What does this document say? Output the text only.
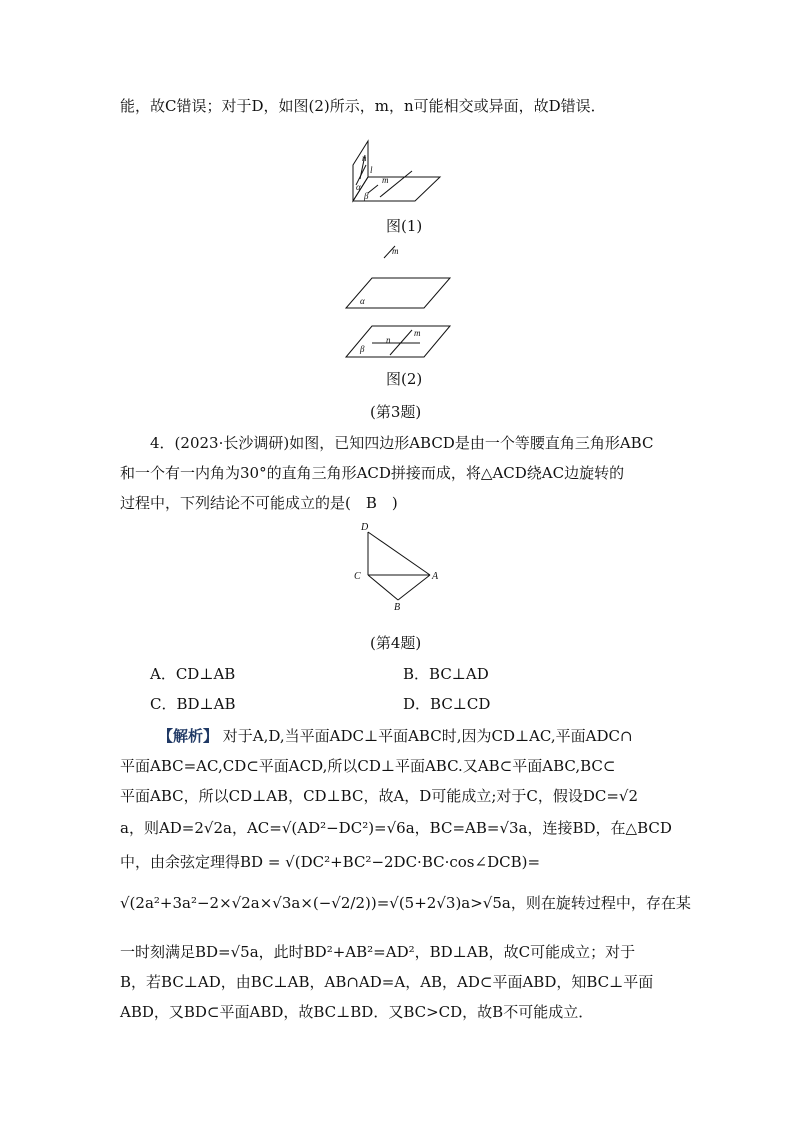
能，故C错误；对于D，如图(2)所示，m，n可能相交或异面，故D错误．
n
l
m
α
β
图(1)
m
α
m
n
β
图(2)
(第3题)
4．(2023·长沙调研)如图，已知四边形ABCD是由一个等腰直角三角形ABC
和一个有一内角为30°的直角三角形ACD拼接而成，将△ACD绕AC边旋转的
过程中，下列结论不可能成立的是(　B　)
D
C	A
B
(第4题)
A．CD⊥AB	B．BC⊥AD
C．BD⊥AB	D．BC⊥CD
【解析】 对于A,D,当平面ADC⊥平面ABC时,因为CD⊥AC,平面ADC∩
平面ABC=AC,CD⊂平面ACD,所以CD⊥平面ABC.又AB⊂平面ABC,BC⊂
平面ABC，所以CD⊥AB，CD⊥BC，故A，D可能成立;对于C，假设DC=√2
a，则AD=2√2a，AC=√(AD²−DC²)=√6a，BC=AB=√3a，连接BD，在△BCD
中，由余弦定理得BD = √(DC²+BC²−2DC·BC·cos∠DCB)=
√(2a²+3a²−2×√2a×√3a×(−√2/2))=√(5+2√3)a>√5a，则在旋转过程中，存在某
一时刻满足BD=√5a，此时BD²+AB²=AD²，BD⊥AB，故C可能成立；对于
B，若BC⊥AD，由BC⊥AB，AB∩AD=A，AB，AD⊂平面ABD，知BC⊥平面
ABD，又BD⊂平面ABD，故BC⊥BD．又BC>CD，故B不可能成立．
